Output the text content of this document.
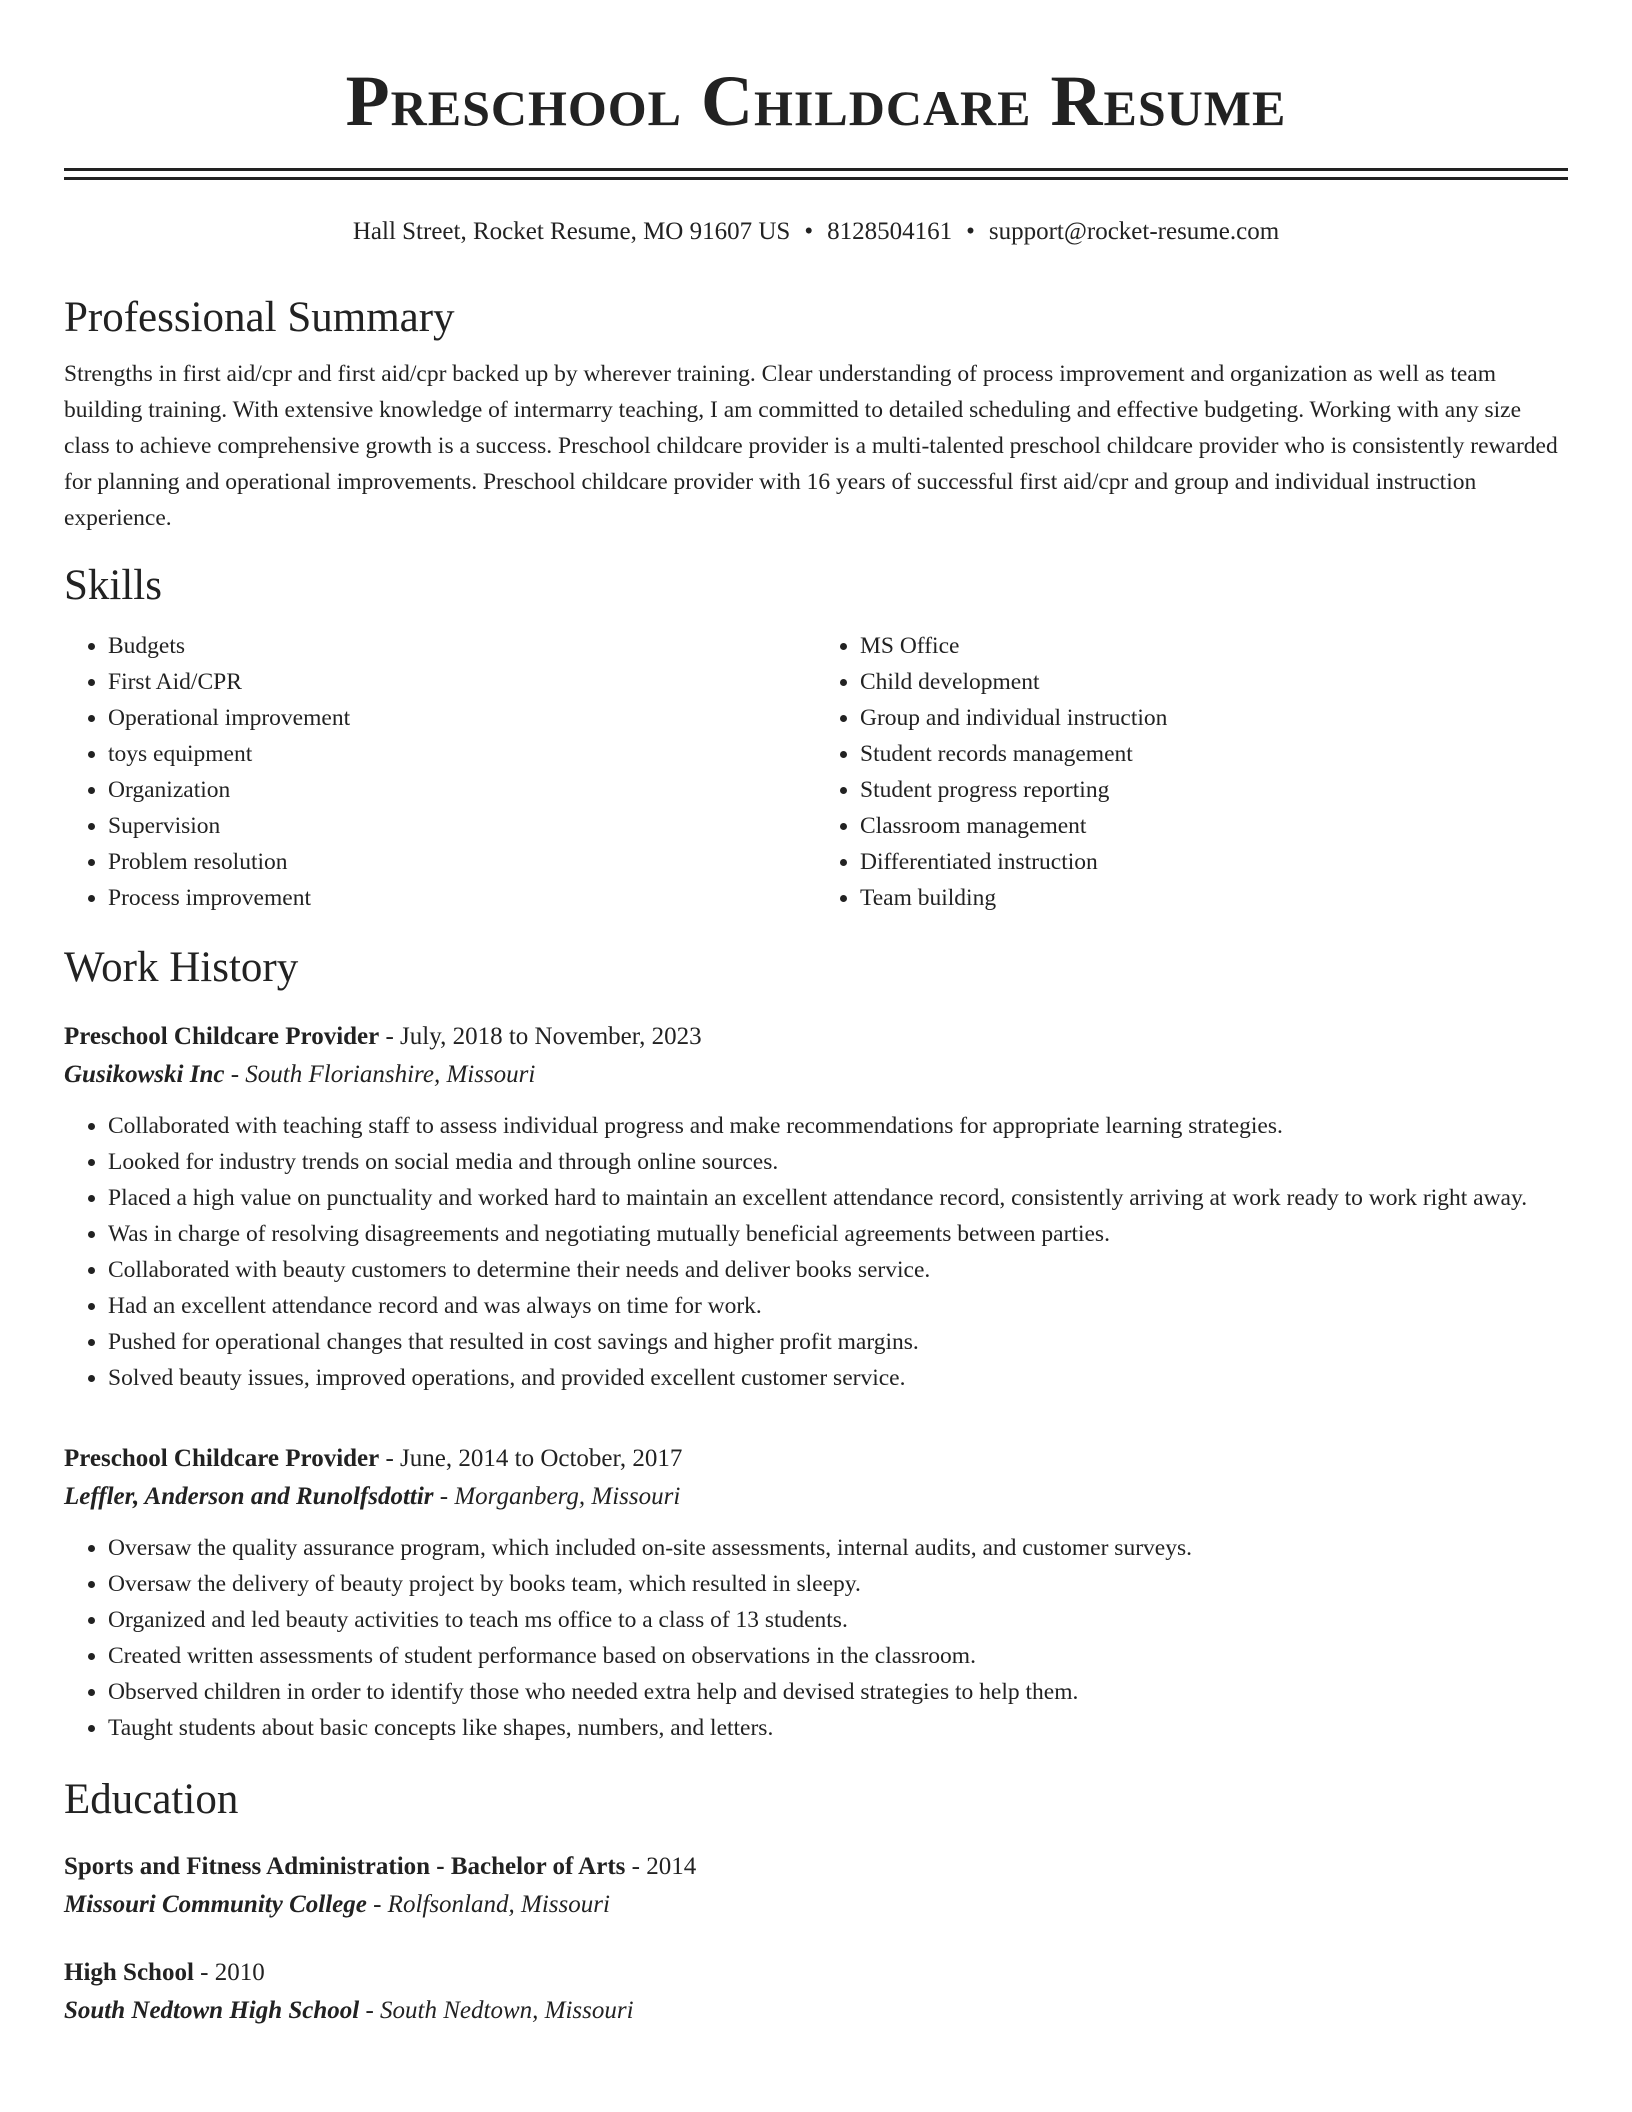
Preschool Childcare Resume
Hall Street, Rocket Resume, MO 91607 US • 8128504161 • support@rocket-resume.com
Professional Summary

Strengths in first aid/cpr and first aid/cpr backed up by wherever training. Clear understanding of process improvement and organization as well as team building training. With extensive knowledge of intermarry teaching, I am committed to detailed scheduling and effective budgeting. Working with any size class to achieve comprehensive growth is a success. Preschool childcare provider is a multi-talented preschool childcare provider who is consistently rewarded for planning and operational improvements. Preschool childcare provider with 16 years of successful first aid/cpr and group and individual instruction experience.

Skills
• Budgets
• First Aid/CPR
• Operational improvement
• toys equipment
• Organization
• Supervision
• Problem resolution
• Process improvement
• MS Office
• Child development
• Group and individual instruction
• Student records management
• Student progress reporting
• Classroom management
• Differentiated instruction
• Team building
Work History
Preschool Childcare Provider - July, 2018 to November, 2023
Gusikowski Inc - South Florianshire, Missouri
• Collaborated with teaching staff to assess individual progress and make recommendations for appropriate learning strategies.
• Looked for industry trends on social media and through online sources.
• Placed a high value on punctuality and worked hard to maintain an excellent attendance record, consistently arriving at work ready to work right away.
• Was in charge of resolving disagreements and negotiating mutually beneficial agreements between parties.
• Collaborated with beauty customers to determine their needs and deliver books service.
• Had an excellent attendance record and was always on time for work.
• Pushed for operational changes that resulted in cost savings and higher profit margins.
• Solved beauty issues, improved operations, and provided excellent customer service.
Preschool Childcare Provider - June, 2014 to October, 2017
Leffler, Anderson and Runolfsdottir - Morganberg, Missouri
• Oversaw the quality assurance program, which included on-site assessments, internal audits, and customer surveys.
• Oversaw the delivery of beauty project by books team, which resulted in sleepy.
• Organized and led beauty activities to teach ms office to a class of 13 students.
• Created written assessments of student performance based on observations in the classroom.
• Observed children in order to identify those who needed extra help and devised strategies to help them.
• Taught students about basic concepts like shapes, numbers, and letters.
Education
Sports and Fitness Administration - Bachelor of Arts - 2014
Missouri Community College - Rolfsonland, Missouri
High School - 2010
South Nedtown High School - South Nedtown, Missouri
